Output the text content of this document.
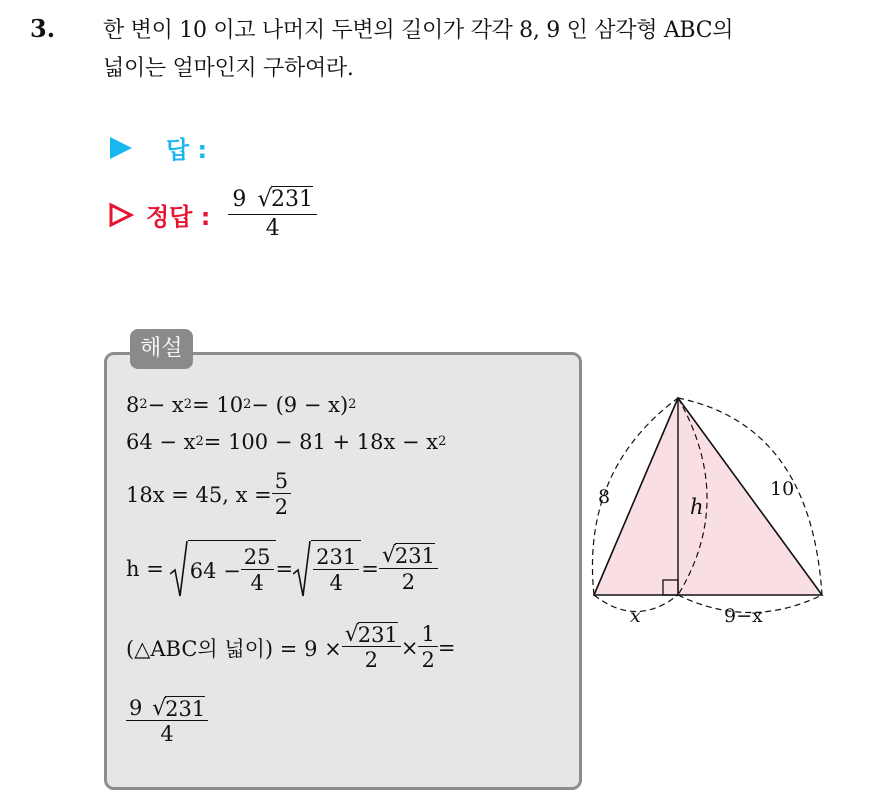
3. 한 변이 10 이고 나머지 두변의 길이가 각각 8, 9 인 삼각형 ABC의
넓이는 얼마인지 구하여라.
답 :
정답 : $\frac{9 √ 231}{4}$
해설
8 2 − x 2 = 10 2 − (9 − x) 2
64 − x 2 = 100 − 81 + 18x − x 2
18x = 45, $x = \frac{5}{2}$
$h = 64 - \frac{25}{4} = \frac{231}{4} = \frac{√ 231}{2}$
(△ABC의 넓이) = $9 \times \frac{√ 231}{2} \times \frac{1}{2}$ =
$\frac{9 √ 231}{4}$
8	10
h
x	9−x
